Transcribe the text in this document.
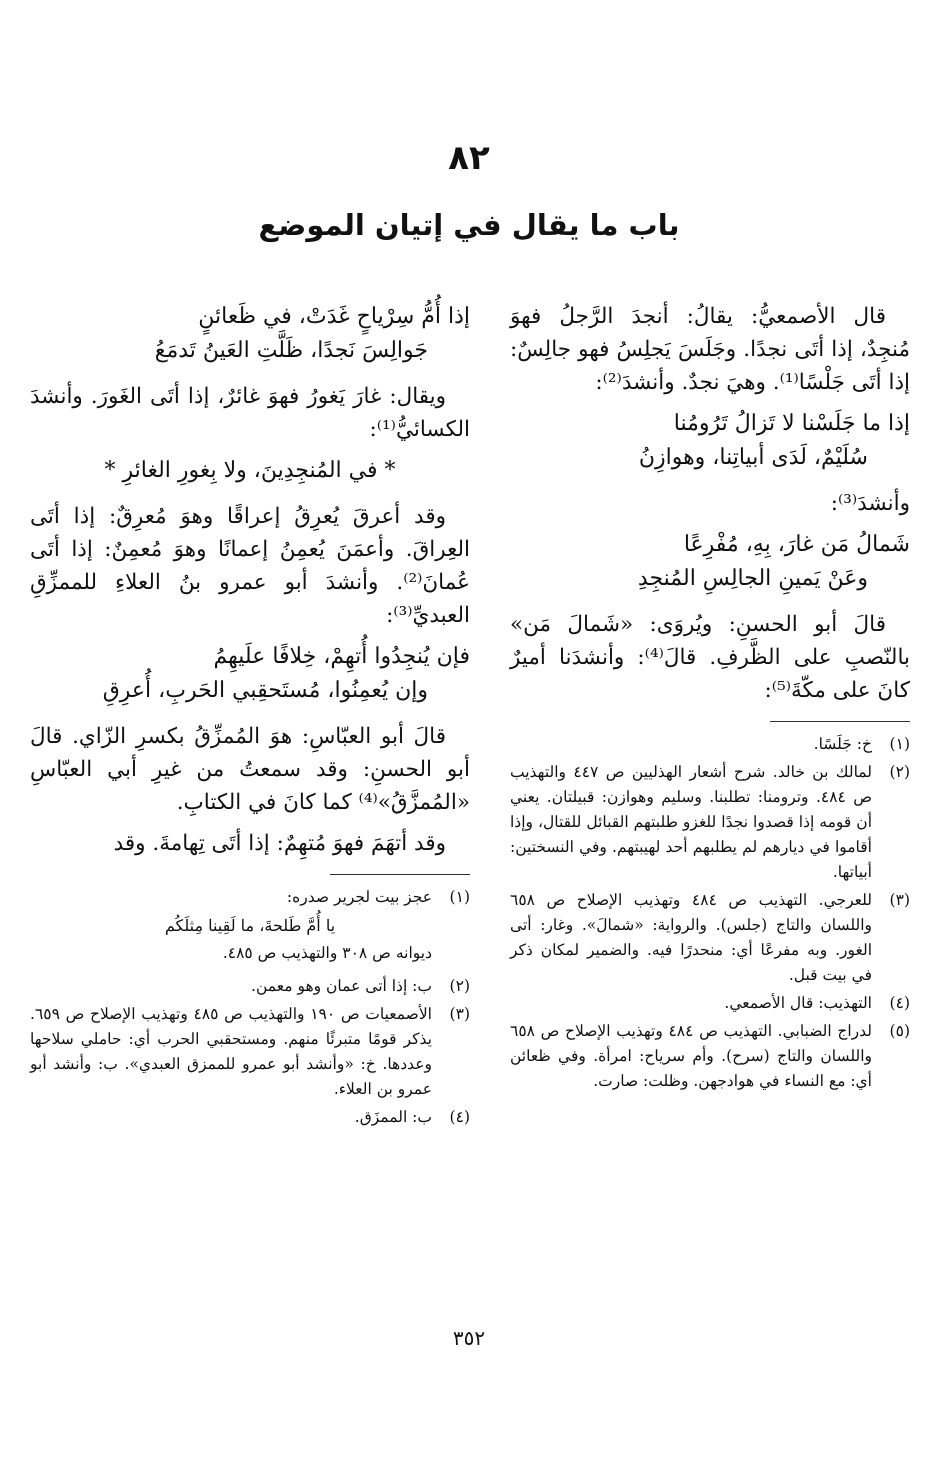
٨٢
باب ما يقال في إتيان الموضع

قال الأصمعيُّ: يقالُ: أنجدَ الرَّجلُ فهوَ مُنجِدٌ، إذا أتَى نجدًا. وجَلَسَ يَجلِسُ فهو جالِسٌ: إذا أتَى جَلْسًا⁽¹⁾. وهيَ نجدٌ. وأنشدَ⁽²⁾:

إذا ما جَلَسْنا لا تَزالُ تَرُومُنا
سُلَيْمٌ، لَدَى أبياتِنا، وهوازِنُ

وأنشدَ⁽³⁾:

شَمالُ مَن غارَ، بِهِ، مُفْرِعًا
وعَنْ يَمينِ الجالِسِ المُنجِدِ

قالَ أبو الحسنِ: ويُروَى: «شَمالَ مَن» بالنّصبِ على الظَّرفِ. قالَ⁽⁴⁾: وأنشدَنا أميرٌ كانَ على مكّةَ⁽⁵⁾:

(١)
خ: جَلَسًا.
(٢)
لمالك بن خالد. شرح أشعار الهذليين ص ٤٤٧ والتهذيب ص ٤٨٤. وترومنا: تطلبنا. وسليم وهوازن: قبيلتان. يعني أن قومه إذا قصدوا نجدًا للغزو طلبتهم القبائل للقتال، وإذا أقاموا في ديارهم لم يطلبهم أحد لهيبتهم. وفي النسختين: أبياتها.
(٣)
للعرجي. التهذيب ص ٤٨٤ وتهذيب الإصلاح ص ٦٥٨ واللسان والتاج (جلس). والرواية: «شمالَ». وغار: أتى الغور. وبه مفرعًا أي: منحدرًا فيه. والضمير لمكان ذكر في بيت قبل.
(٤)
التهذيب: قال الأصمعي.
(٥)
لدراج الضبابي. التهذيب ص ٤٨٤ وتهذيب الإصلاح ص ٦٥٨ واللسان والتاج (سرح). وأم سرياح: امرأة. وفي ظعائن أي: مع النساء في هوادجهن. وظلت: صارت.
إذا أُمُّ سِرْياحٍ غَدَتْ، في ظَعائنٍ
جَوالِسَ نَجدًا، ظَلَّتِ العَينُ تَدمَعُ

ويقال: غارَ يَغورُ فهوَ غائرٌ، إذا أتَى الغَورَ. وأنشدَ الكسائيُّ⁽¹⁾:

* في المُنجِدِينَ، ولا بِغورِ الغائرِ *

وقد أعرقَ يُعرِقُ إعراقًا وهوَ مُعرِقٌ: إذا أتَى العِراقَ. وأعمَنَ يُعمِنُ إعمانًا وهوَ مُعمِنٌ: إذا أتَى عُمانَ⁽²⁾. وأنشدَ أبو عمرو بنُ العلاءِ للممزِّقِ العبديِّ⁽³⁾:

فإن يُنجِدُوا أُتهِمْ، خِلافًا علَيهِمُ
وإن يُعمِنُوا، مُستَحقِبي الحَربِ، أُعرِقِ

قالَ أبو العبّاسِ: هوَ المُمزِّقُ بكسرِ الزّاي. قالَ أبو الحسنِ: وقد سمعتُ من غيرِ أبي العبّاسِ «المُمزَّقُ»⁽⁴⁾ كما كانَ في الكتابِ.

وقد أتهَمَ فهوَ مُتهِمٌ: إذا أتَى تِهامةَ. وقد

(١)
عجز بيت لجرير صدره:
يا أُمَّ طَلحةَ، ما لَقِينا مِثلَكُم
ديوانه ص ٣٠٨ والتهذيب ص ٤٨٥.
(٢)
ب: إذا أتى عمان وهو معمن.
(٣)
الأصمعيات ص ١٩٠ والتهذيب ص ٤٨٥ وتهذيب الإصلاح ص ٦٥٩. يذكر قومًا متبرئًا منهم. ومستحقبي الحرب أي: حاملي سلاحها وعددها. خ: «وأنشد أبو عمرو للممزق العبدي». ب: وأنشد أبو عمرو بن العلاء.
(٤)
ب: الممزَق.
٣٥٢
